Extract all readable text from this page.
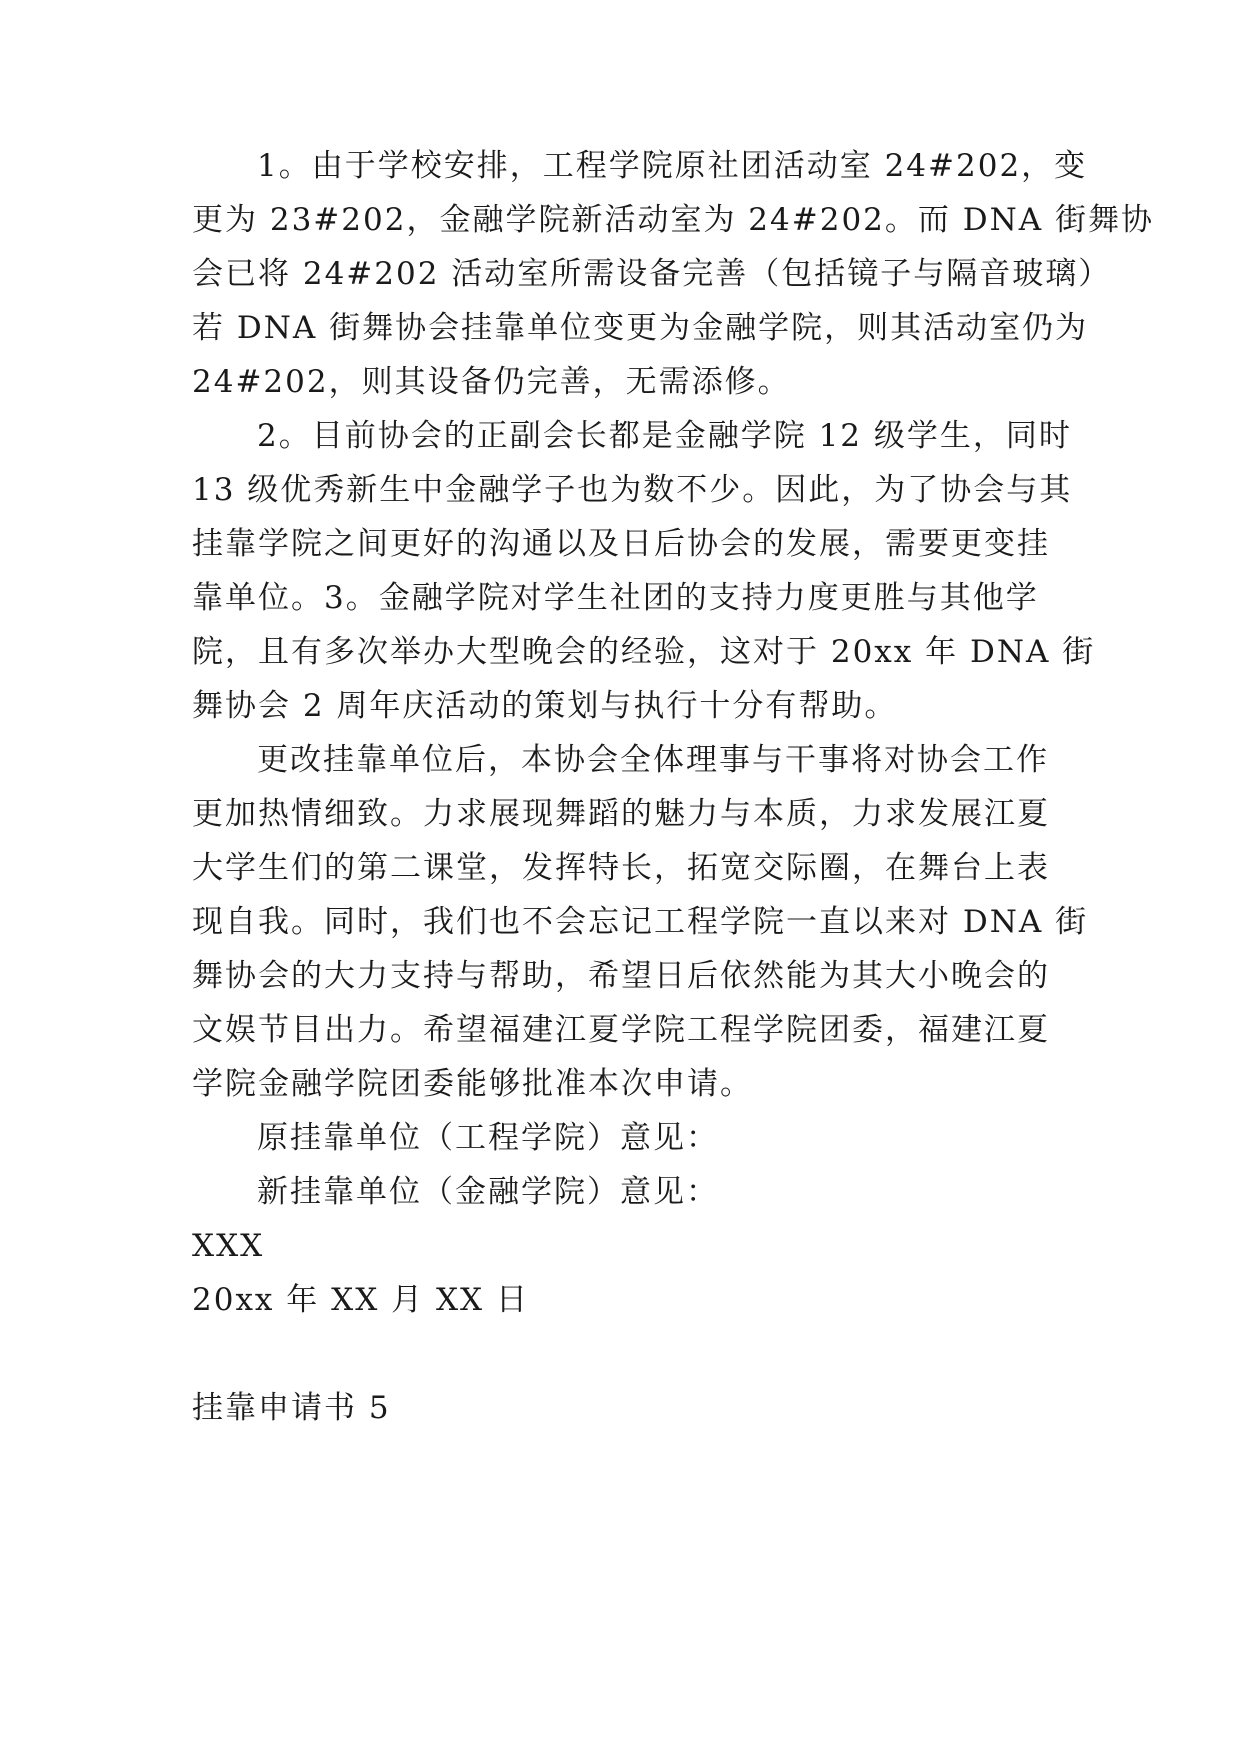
1。由于学校安排，工程学院原社团活动室 24#202，变
更为 23#202，金融学院新活动室为 24#202。而 DNA 街舞协
会已将 24#202 活动室所需设备完善（包括镜子与隔音玻璃）
若 DNA 街舞协会挂靠单位变更为金融学院，则其活动室仍为
24#202，则其设备仍完善，无需添修。
2。目前协会的正副会长都是金融学院 12 级学生，同时
13 级优秀新生中金融学子也为数不少。因此，为了协会与其
挂靠学院之间更好的沟通以及日后协会的发展，需要更变挂
靠单位。3。金融学院对学生社团的支持力度更胜与其他学
院，且有多次举办大型晚会的经验，这对于 20xx 年 DNA 街
舞协会 2 周年庆活动的策划与执行十分有帮助。
更改挂靠单位后，本协会全体理事与干事将对协会工作
更加热情细致。力求展现舞蹈的魅力与本质，力求发展江夏
大学生们的第二课堂，发挥特长，拓宽交际圈，在舞台上表
现自我。同时，我们也不会忘记工程学院一直以来对 DNA 街
舞协会的大力支持与帮助，希望日后依然能为其大小晚会的
文娱节目出力。希望福建江夏学院工程学院团委，福建江夏
学院金融学院团委能够批准本次申请。
原挂靠单位（工程学院）意见：
新挂靠单位（金融学院）意见：
XXX
20xx 年 XX 月 XX 日
挂靠申请书 5
